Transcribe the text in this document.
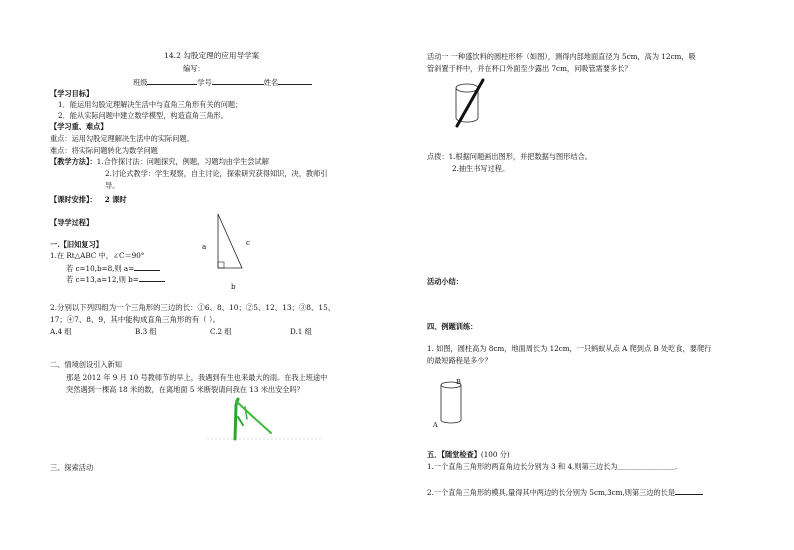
14.2 勾股定理的应用导学案
编写：
班级	学号	姓名
【学习目标】
1．能运用勾股定理解决生活中与直角三角形有关的问题；
2．能从实际问题中建立数学模型，构造直角三角形。
【学习重、难点】
重点：运用勾股定理解决生活中的实际问题。
难点：将实际问题转化为数学问题
【教学方法】：1.合作探讨法：问题探究，例题，习题均由学生尝试解
2.讨论式教学：学生观察，自主讨论，探索研究获得知识，决，教师引
导。
【课时安排】： 2 课时
【导学过程】
a	c
b
一.【旧知复习】
1.在 Rt△ABC 中，∠C＝90°
若 c=10,b=8,则 a=
若 c=13,a=12,则 b=
2.分别以下列四组为一个三角形的三边的长：①6、8、10；②5、12、13；③8、15、
17；④7、8、9，其中能构成直角三角形的有（ ）。
A.4 组	B.3 组	C.2 组	D.1 组
二、情境创设引入新知
那是 2012 年 9 月 10 号教师节的早上，我遇到有生也来最大的雨。在我上班途中
突然遇到一棵高 18 米的数，在离地面 5 米断裂请问我在 13 米出安全吗？
三、探索活动
活动一 一种盛饮料的圆柱形杯（如图），测得内部地面直径为 5cm，高为 12cm，吸
管斜置于杯中，并在杯口外面至少露出 7cm，问吸管需要多长？
点拨：1.根据问题画出图形，并把数据与图形结合。
2.抽生书写过程。
活动小结：
四、例题训练：
1. 如图，圆柱高为 8cm，地面周长为 12cm，一只蚂蚁从点 A 爬到点 B 处吃食，要爬行
的最短路程是多少？
B
A
五．【随堂检查】(100 分)
1.一个直角三角形的两直角边长分别为 3 和 4,则第三边长为＿＿＿＿＿＿＿＿.
2.一个直角三角形的模具,量得其中两边的长分别为 5cm,3cm,则第三边的长是
